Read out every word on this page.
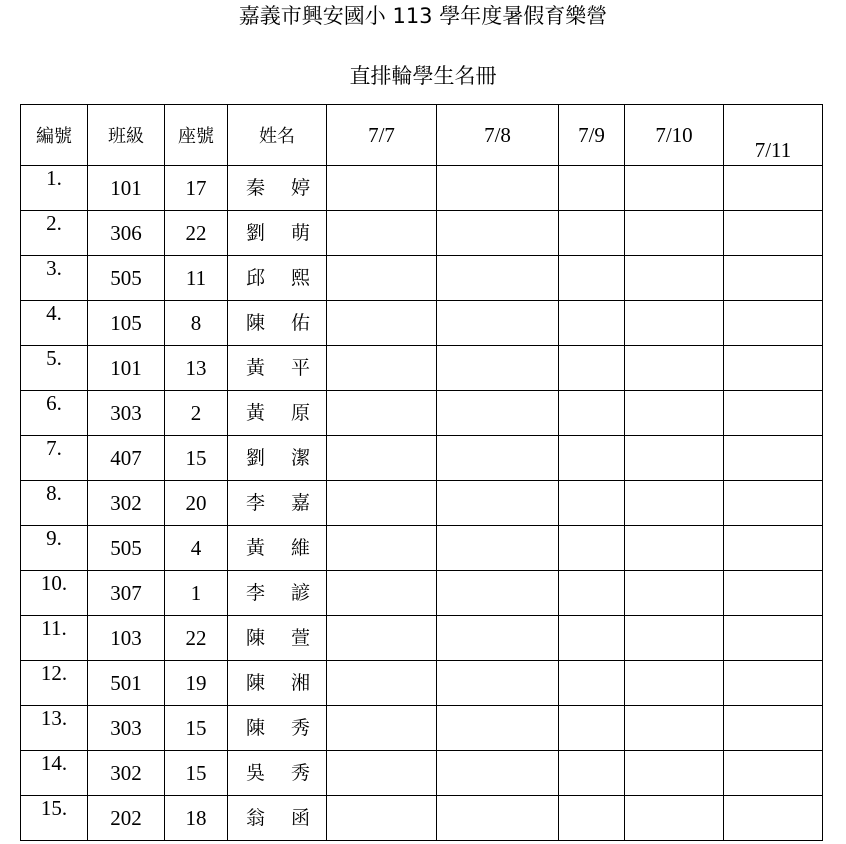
嘉義市興安國小 113 學年度暑假育樂營
直排輪學生名冊
編號	班級	座號	姓名	7/7	7/8	7/9	7/10	7/11
1.	101	17	秦 婷					

2.	306	22	劉 萌					

3.	505	11	邱 熙					

4.	105	8	陳 佑					

5.	101	13	黃 平					

6.	303	2	黃 原					

7.	407	15	劉 潔					

8.	302	20	李 嘉					

9.	505	4	黃 維					

10.	307	1	李 諺					

11.	103	22	陳 萱					

12.	501	19	陳 湘					

13.	303	15	陳 秀					

14.	302	15	吳 秀					

15.	202	18	翁 函					
